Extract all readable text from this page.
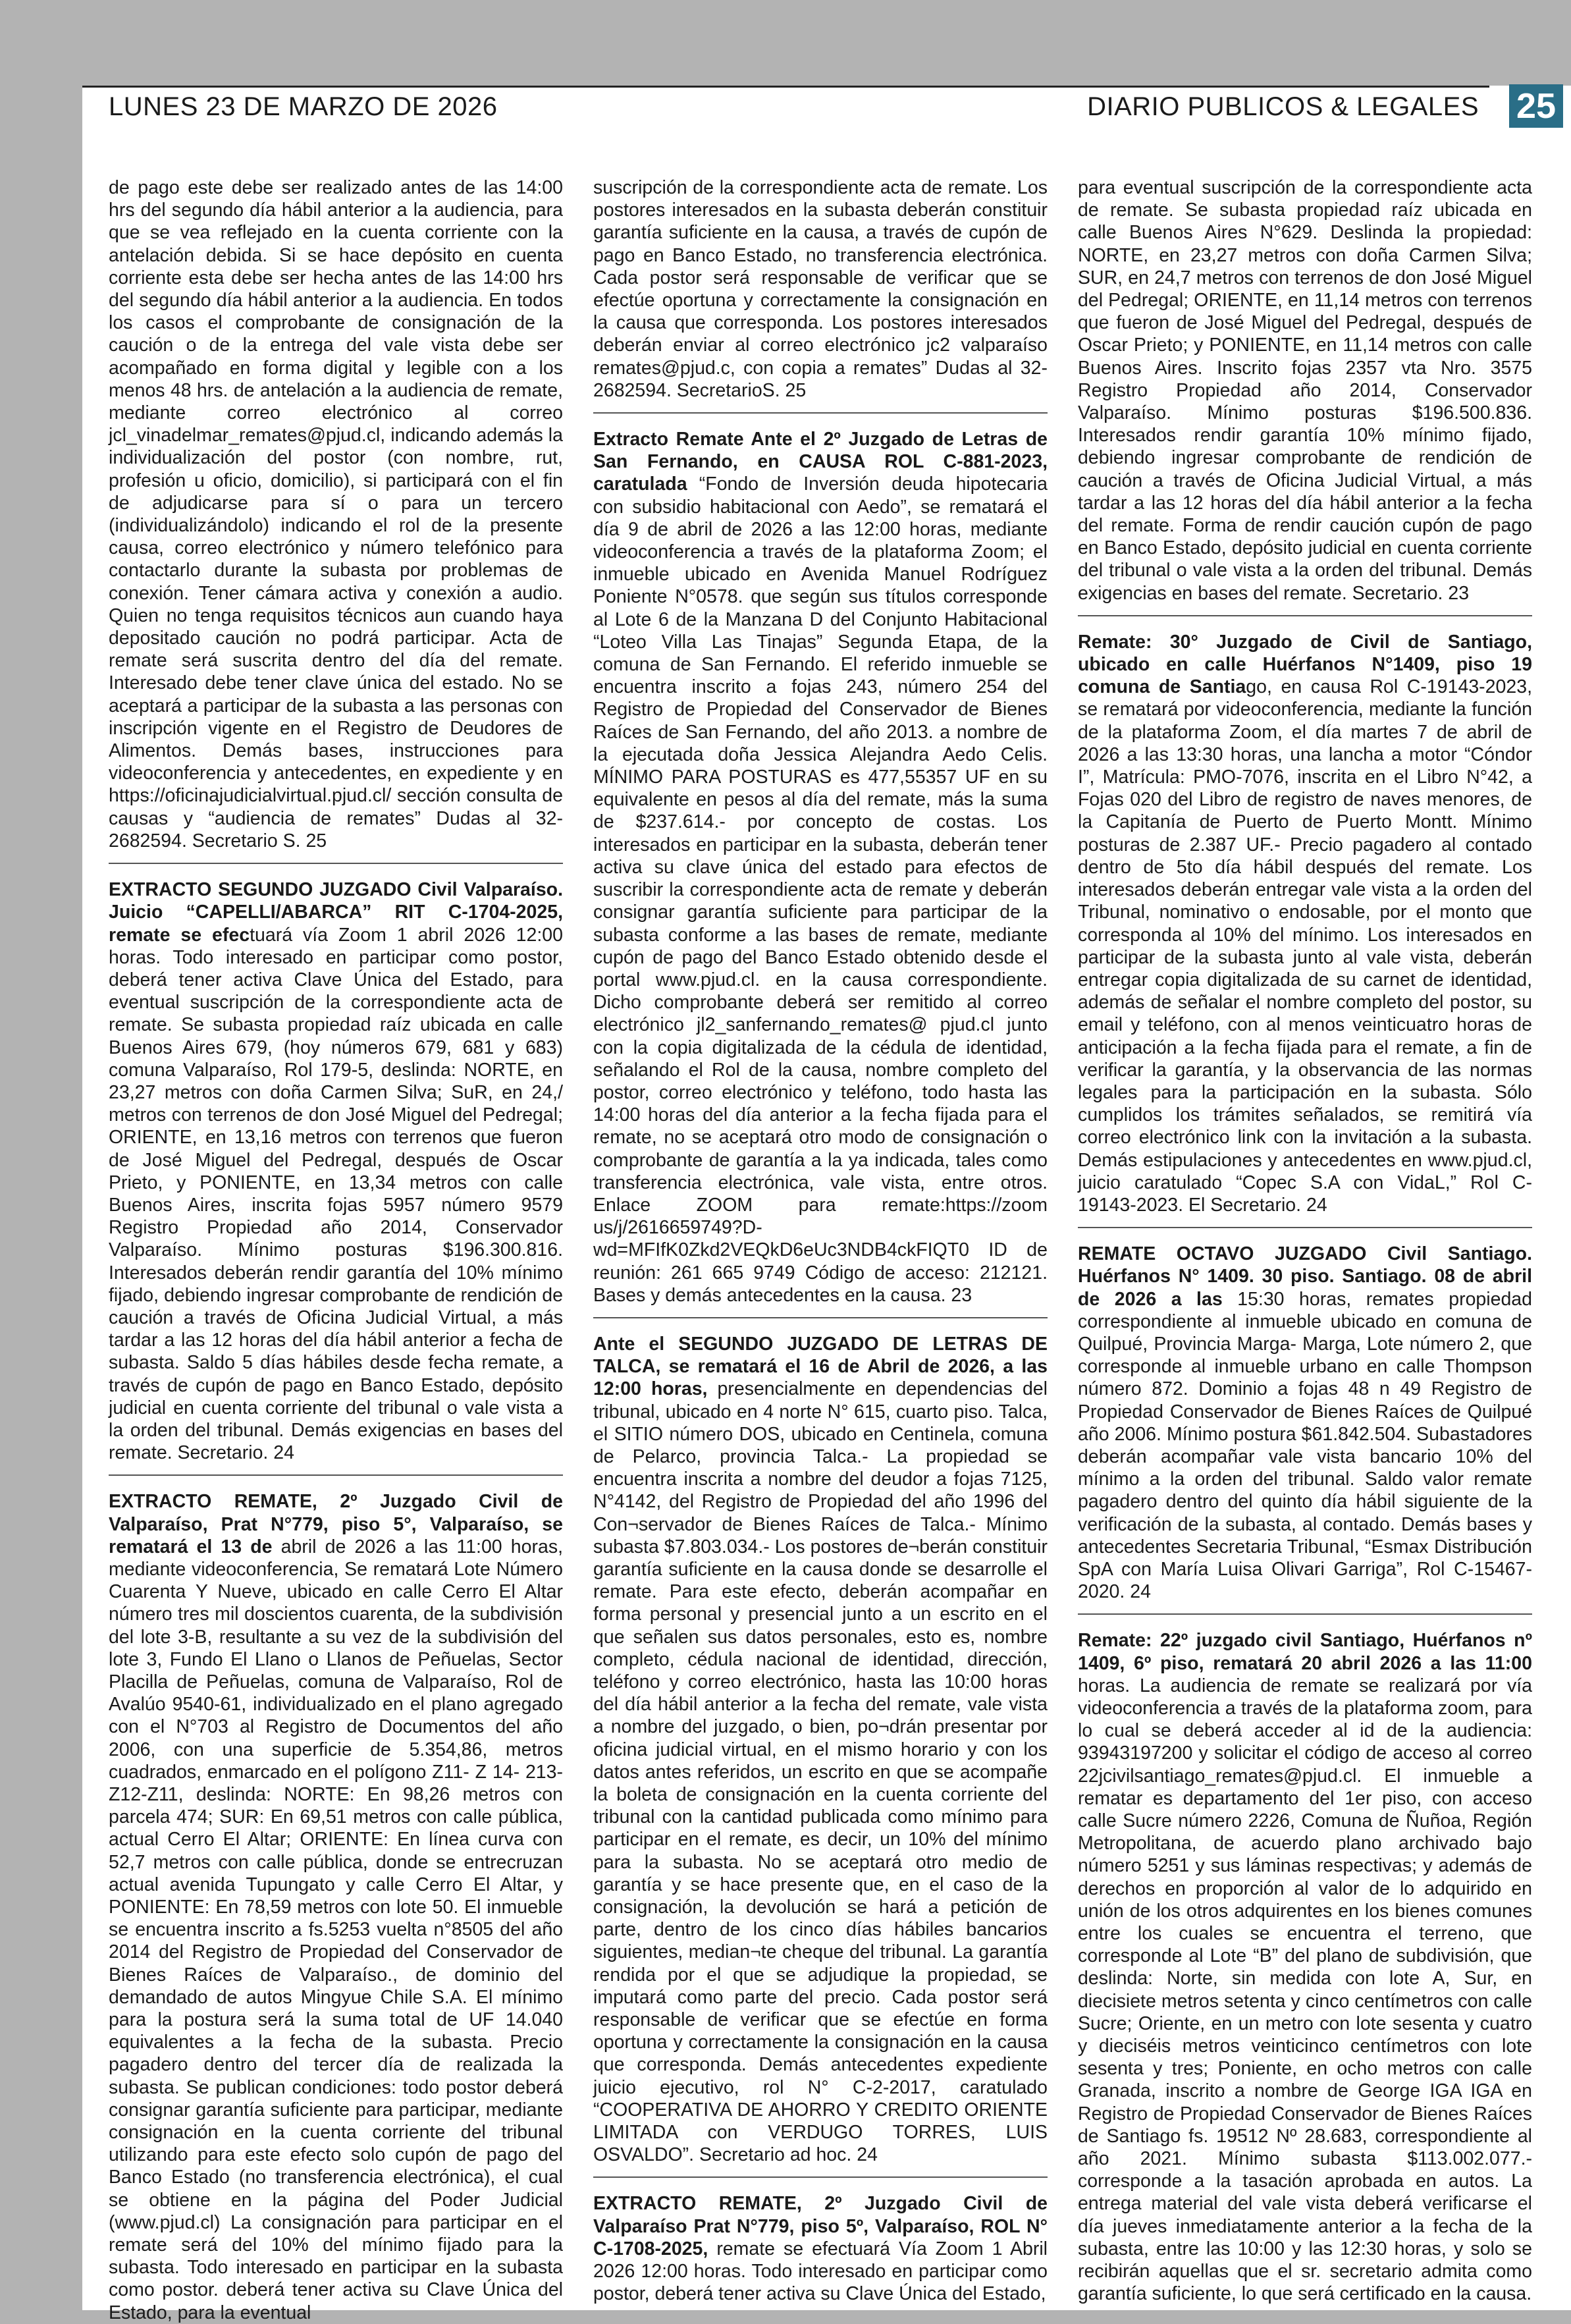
LUNES 23 DE MARZO DE 2026	DIARIO PUBLICOS & LEGALES 25

de pago este debe ser realizado antes de las 14:00 hrs del segundo día hábil anterior a la audiencia, para que se vea reflejado en la cuenta corriente con la antelación debida. Si se hace depósito en cuenta corriente esta debe ser hecha antes de las 14:00 hrs del segundo día hábil anterior a la audiencia. En todos los casos el comprobante de consignación de la caución o de la entrega del vale vista debe ser acompañado en forma digital y legible con a los menos 48 hrs. de antelación a la audiencia de remate, mediante correo electrónico al correo jcl_vinadelmar_remates@pjud.cl, indicando además la individualización del postor (con nombre, rut, profesión u oficio, domicilio), si participará con el fin de adjudicarse para sí o para un tercero (individualizándolo) indicando el rol de la presente causa, correo electrónico y número telefónico para contactarlo durante la subasta por problemas de conexión. Tener cámara activa y conexión a audio. Quien no tenga requisitos técnicos aun cuando haya depositado caución no podrá participar. Acta de remate será suscrita dentro del día del remate. Interesado debe tener clave única del estado. No se aceptará a participar de la subasta a las personas con inscripción vigente en el Registro de Deudores de Alimentos. Demás bases, instrucciones para videoconferencia y antecedentes, en expediente y en https://oficinajudicialvirtual.pjud.cl/ sección consulta de causas y “audiencia de remates” Dudas al 32-2682594. Secretario S. 25

EXTRACTO SEGUNDO JUZGADO Civil Valparaíso. Juicio “CAPELLI/ABARCA” RIT C-1704-2025, remate se efectuará vía Zoom 1 abril 2026 12:00 horas. Todo interesado en participar como postor, deberá tener activa Clave Única del Estado, para eventual suscripción de la correspondiente acta de remate. Se subasta propiedad raíz ubicada en calle Buenos Aires 679, (hoy números 679, 681 y 683) comuna Valparaíso, Rol 179-5, deslinda: NORTE, en 23,27 metros con doña Carmen Silva; SuR, en 24,/ metros con terrenos de don José Miguel del Pedregal; ORIENTE, en 13,16 metros con terrenos que fueron de José Miguel del Pedregal, después de Oscar Prieto, y PONIENTE, en 13,34 metros con calle Buenos Aires, inscrita fojas 5957 número 9579 Registro Propiedad año 2014, Conservador Valparaíso. Mínimo posturas $196.300.816. Interesados deberán rendir garantía del 10% mínimo fijado, debiendo ingresar comprobante de rendición de caución a través de Oficina Judicial Virtual, a más tardar a las 12 horas del día hábil anterior a fecha de subasta. Saldo 5 días hábiles desde fecha remate, a través de cupón de pago en Banco Estado, depósito judicial en cuenta corriente del tribunal o vale vista a la orden del tribunal. Demás exigencias en bases del remate. Secretario. 24

EXTRACTO REMATE, 2º Juzgado Civil de Valparaíso, Prat N°779, piso 5°, Valparaíso, se rematará el 13 de abril de 2026 a las 11:00 horas, mediante videoconferencia, Se rematará Lote Número Cuarenta Y Nueve, ubicado en calle Cerro El Altar número tres mil doscientos cuarenta, de la subdivisión del lote 3-B, resultante a su vez de la subdivisión del lote 3, Fundo El Llano o Llanos de Peñuelas, Sector Placilla de Peñuelas, comuna de Valparaíso, Rol de Avalúo 9540-61, individualizado en el plano agregado con el N°703 al Registro de Documentos del año 2006, con una superficie de 5.354,86, metros cuadrados, enmarcado en el polígono Z11- Z 14- 213- Z12-Z11, deslinda: NORTE: En 98,26 metros con parcela 474; SUR: En 69,51 metros con calle pública, actual Cerro El Altar; ORIENTE: En línea curva con 52,7 metros con calle pública, donde se entrecruzan actual avenida Tupungato y calle Cerro El Altar, y PONIENTE: En 78,59 metros con lote 50. El inmueble se encuentra inscrito a fs.5253 vuelta n°8505 del año 2014 del Registro de Propiedad del Conservador de Bienes Raíces de Valparaíso., de dominio del demandado de autos Mingyue Chile S.A. El mínimo para la postura será la suma total de UF 14.040 equivalentes a la fecha de la subasta. Precio pagadero dentro del tercer día de realizada la subasta. Se publican condiciones: todo postor deberá consignar garantía suficiente para participar, mediante consignación en la cuenta corriente del tribunal utilizando para este efecto solo cupón de pago del Banco Estado (no transferencia electrónica), el cual se obtiene en la página del Poder Judicial (www.pjud.cl) La consignación para participar en el remate será del 10% del mínimo fijado para la subasta. Todo interesado en participar en la subasta como postor. deberá tener activa su Clave Única del Estado, para la eventual

suscripción de la correspondiente acta de remate. Los postores interesados en la subasta deberán constituir garantía suficiente en la causa, a través de cupón de pago en Banco Estado, no transferencia electrónica. Cada postor será responsable de verificar que se efectúe oportuna y correctamente la consignación en la causa que corresponda. Los postores interesados deberán enviar al correo electrónico jc2 valparaíso remates@pjud.c, con copia a remates” Dudas al 32-2682594. SecretarioS. 25

Extracto Remate Ante el 2º Juzgado de Letras de San Fernando, en CAUSA ROL C-881-2023, caratulada “Fondo de Inversión deuda hipotecaria con subsidio habitacional con Aedo”, se rematará el día 9 de abril de 2026 a las 12:00 horas, mediante videoconferencia a través de la plataforma Zoom; el inmueble ubicado en Avenida Manuel Rodríguez Poniente N°0578. que según sus títulos corresponde al Lote 6 de la Manzana D del Conjunto Habitacional “Loteo Villa Las Tinajas” Segunda Etapa, de la comuna de San Fernando. El referido inmueble se encuentra inscrito a fojas 243, número 254 del Registro de Propiedad del Conservador de Bienes Raíces de San Fernando, del año 2013. a nombre de la ejecutada doña Jessica Alejandra Aedo Celis. MÍNIMO PARA POSTURAS es 477,55357 UF en su equivalente en pesos al día del remate, más la suma de $237.614.- por concepto de costas. Los interesados en participar en la subasta, deberán tener activa su clave única del estado para efectos de suscribir la correspondiente acta de remate y deberán consignar garantía suficiente para participar de la subasta conforme a las bases de remate, mediante cupón de pago del Banco Estado obtenido desde el portal www.pjud.cl. en la causa correspondiente. Dicho comprobante deberá ser remitido al correo electrónico jl2_sanfernando_remates@ pjud.cl junto con la copia digitalizada de la cédula de identidad, señalando el Rol de la causa, nombre completo del postor, correo electrónico y teléfono, todo hasta las 14:00 horas del día anterior a la fecha fijada para el remate, no se aceptará otro modo de consignación o comprobante de garantía a la ya indicada, tales como transferencia electrónica, vale vista, entre otros. Enlace ZOOM para remate:https://zoom us/j/2616659749?D-wd=MFIfK0Zkd2VEQkD6eUc3NDB4ckFIQT0 ID de reunión: 261 665 9749 Código de acceso: 212121. Bases y demás antecedentes en la causa. 23

Ante el SEGUNDO JUZGADO DE LETRAS DE TALCA, se rematará el 16 de Abril de 2026, a las 12:00 horas, presencialmente en dependencias del tribunal, ubicado en 4 norte N° 615, cuarto piso. Talca, el SITIO número DOS, ubicado en Centinela, comuna de Pelarco, provincia Talca.- La propiedad se encuentra inscrita a nombre del deudor a fojas 7125, N°4142, del Registro de Propiedad del año 1996 del Con¬servador de Bienes Raíces de Talca.- Mínimo subasta $7.803.034.- Los postores de¬berán constituir garantía suficiente en la causa donde se desarrolle el remate. Para este efecto, deberán acompañar en forma personal y presencial junto a un escrito en el que señalen sus datos personales, esto es, nombre completo, cédula nacional de identidad, dirección, teléfono y correo electrónico, hasta las 10:00 horas del día hábil anterior a la fecha del remate, vale vista a nombre del juzgado, o bien, po¬drán presentar por oficina judicial virtual, en el mismo horario y con los datos antes referidos, un escrito en que se acompañe la boleta de consignación en la cuenta corriente del tribunal con la cantidad publicada como mínimo para participar en el remate, es decir, un 10% del mínimo para la subasta. No se aceptará otro medio de garantía y se hace presente que, en el caso de la consignación, la devolución se hará a petición de parte, dentro de los cinco días hábiles bancarios siguientes, median¬te cheque del tribunal. La garantía rendida por el que se adjudique la propiedad, se imputará como parte del precio. Cada postor será responsable de verificar que se efectúe en forma oportuna y correctamente la consignación en la causa que corresponda. Demás antecedentes expediente juicio ejecutivo, rol N° C-2-2017, caratulado “COOPERATIVA DE AHORRO Y CREDITO ORIENTE LIMITADA con VERDUGO TORRES, LUIS OSVALDO”. Secretario ad hoc. 24

EXTRACTO REMATE, 2º Juzgado Civil de Valparaíso Prat N°779, piso 5º, Valparaíso, ROL N° C-1708-2025, remate se efectuará Vía Zoom 1 Abril 2026 12:00 horas. Todo interesado en participar como postor, deberá tener activa su Clave Única del Estado,

para eventual suscripción de la correspondiente acta de remate. Se subasta propiedad raíz ubicada en calle Buenos Aires N°629. Deslinda la propiedad: NORTE, en 23,27 metros con doña Carmen Silva; SUR, en 24,7 metros con terrenos de don José Miguel del Pedregal; ORIENTE, en 11,14 metros con terrenos que fueron de José Miguel del Pedregal, después de Oscar Prieto; y PONIENTE, en 11,14 metros con calle Buenos Aires. Inscrito fojas 2357 vta Nro. 3575 Registro Propiedad año 2014, Conservador Valparaíso. Mínimo posturas $196.500.836. Interesados rendir garantía 10% mínimo fijado, debiendo ingresar comprobante de rendición de caución a través de Oficina Judicial Virtual, a más tardar a las 12 horas del día hábil anterior a la fecha del remate. Forma de rendir caución cupón de pago en Banco Estado, depósito judicial en cuenta corriente del tribunal o vale vista a la orden del tribunal. Demás exigencias en bases del remate. Secretario. 23

Remate: 30° Juzgado de Civil de Santiago, ubicado en calle Huérfanos N°1409, piso 19 comuna de Santiago, en causa Rol C-19143-2023, se rematará por videoconferencia, mediante la función de la plataforma Zoom, el día martes 7 de abril de 2026 a las 13:30 horas, una lancha a motor “Cóndor I”, Matrícula: PMO-7076, inscrita en el Libro N°42, a Fojas 020 del Libro de registro de naves menores, de la Capitanía de Puerto de Puerto Montt. Mínimo posturas de 2.387 UF.- Precio pagadero al contado dentro de 5to día hábil después del remate. Los interesados deberán entregar vale vista a la orden del Tribunal, nominativo o endosable, por el monto que corresponda al 10% del mínimo. Los interesados en participar de la subasta junto al vale vista, deberán entregar copia digitalizada de su carnet de identidad, además de señalar el nombre completo del postor, su email y teléfono, con al menos veinticuatro horas de anticipación a la fecha fijada para el remate, a fin de verificar la garantía, y la observancia de las normas legales para la participación en la subasta. Sólo cumplidos los trámites señalados, se remitirá vía correo electrónico link con la invitación a la subasta. Demás estipulaciones y antecedentes en www.pjud.cl, juicio caratulado “Copec S.A con VidaL,” Rol C- 19143-2023. El Secretario. 24

REMATE OCTAVO JUZGADO Civil Santiago. Huérfanos N° 1409. 30 piso. Santiago. 08 de abril de 2026 a las 15:30 horas, remates propiedad correspondiente al inmueble ubicado en comuna de Quilpué, Provincia Marga- Marga, Lote número 2, que corresponde al inmueble urbano en calle Thompson número 872. Dominio a fojas 48 n 49 Registro de Propiedad Conservador de Bienes Raíces de Quilpué año 2006. Mínimo postura $61.842.504. Subastadores deberán acompañar vale vista bancario 10% del mínimo a la orden del tribunal. Saldo valor remate pagadero dentro del quinto día hábil siguiente de la verificación de la subasta, al contado. Demás bases y antecedentes Secretaria Tribunal, “Esmax Distribución SpA con María Luisa Olivari Garriga”, Rol C-15467- 2020. 24

Remate: 22º juzgado civil Santiago, Huérfanos nº 1409, 6º piso, rematará 20 abril 2026 a las 11:00 horas. La audiencia de remate se realizará por vía videoconferencia a través de la plataforma zoom, para lo cual se deberá acceder al id de la audiencia: 93943197200 y solicitar el código de acceso al correo 22jcivilsantiago_remates@pjud.cl. El inmueble a rematar es departamento del 1er piso, con acceso calle Sucre número 2226, Comuna de Ñuñoa, Región Metropolitana, de acuerdo plano archivado bajo número 5251 y sus láminas respectivas; y además de derechos en proporción al valor de lo adquirido en unión de los otros adquirentes en los bienes comunes entre los cuales se encuentra el terreno, que corresponde al Lote “B” del plano de subdivisión, que deslinda: Norte, sin medida con lote A, Sur, en diecisiete metros setenta y cinco centímetros con calle Sucre; Oriente, en un metro con lote sesenta y cuatro y dieciséis metros veinticinco centímetros con lote sesenta y tres; Poniente, en ocho metros con calle Granada, inscrito a nombre de George IGA IGA en Registro de Propiedad Conservador de Bienes Raíces de Santiago fs. 19512 Nº 28.683, correspondiente al año 2021. Mínimo subasta $113.002.077.- corresponde a la tasación aprobada en autos. La entrega material del vale vista deberá verificarse el día jueves inmediatamente anterior a la fecha de la subasta, entre las 10:00 y las 12:30 horas, y solo se recibirán aquellas que el sr. secretario admita como garantía suficiente, lo que será certificado en la causa.
